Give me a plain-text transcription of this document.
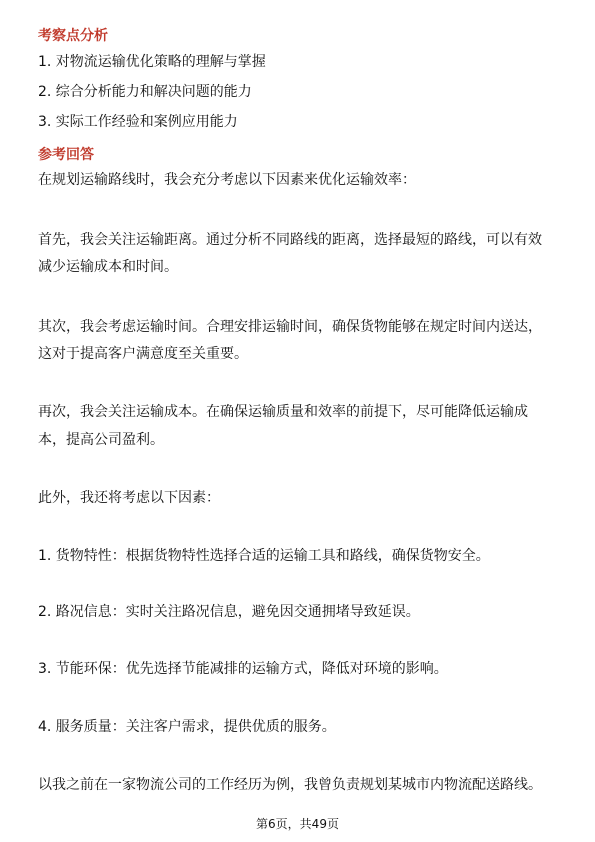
考察点分析
1. 对物流运输优化策略的理解与掌握
2. 综合分析能力和解决问题的能力
3. 实际工作经验和案例应用能力
参考回答
在规划运输路线时，我会充分考虑以下因素来优化运输效率：
首先，我会关注运输距离。通过分析不同路线的距离，选择最短的路线，可以有效
减少运输成本和时间。
其次，我会考虑运输时间。合理安排运输时间，确保货物能够在规定时间内送达，
这对于提高客户满意度至关重要。
再次，我会关注运输成本。在确保运输质量和效率的前提下，尽可能降低运输成
本，提高公司盈利。
此外，我还将考虑以下因素：
1. 货物特性：根据货物特性选择合适的运输工具和路线，确保货物安全。
2. 路况信息：实时关注路况信息，避免因交通拥堵导致延误。
3. 节能环保：优先选择节能减排的运输方式，降低对环境的影响。
4. 服务质量：关注客户需求，提供优质的服务。
以我之前在一家物流公司的工作经历为例，我曾负责规划某城市内物流配送路线。
第6页，共49页
